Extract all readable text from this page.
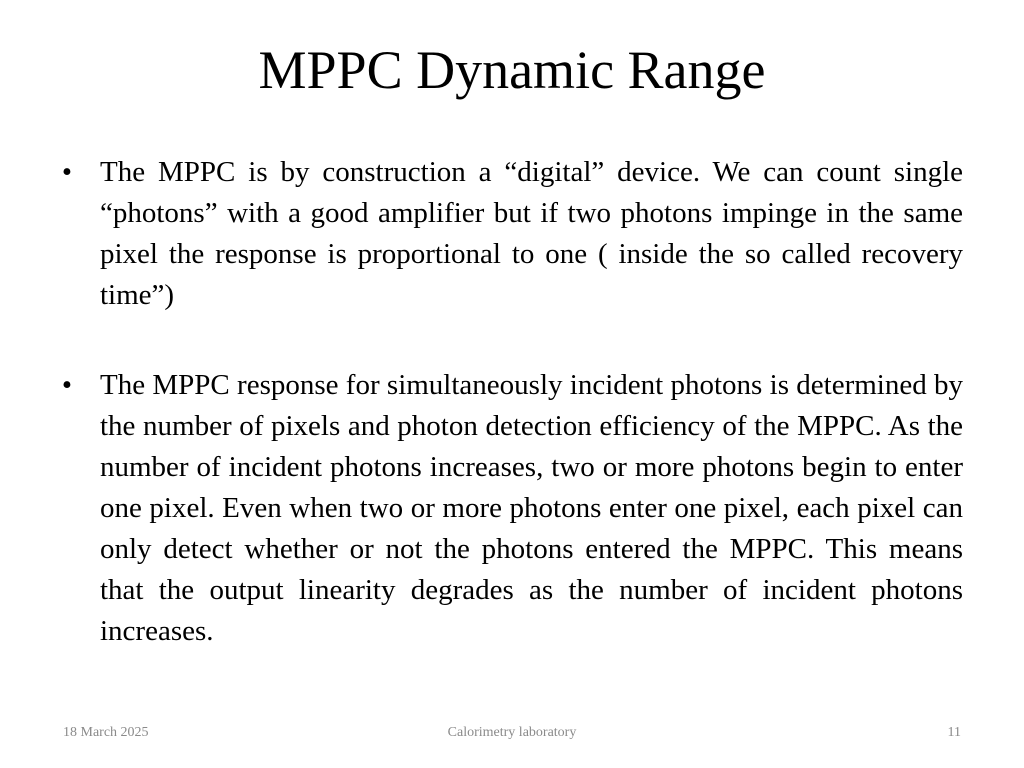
MPPC Dynamic Range
• The MPPC is by construction a “digital” device. We can count single “photons” with a good amplifier but if two photons impinge in the same pixel the response is proportional to one ( inside the so called recovery time”)
• The MPPC response for simultaneously incident photons is determined by the number of pixels and photon detection efficiency of the MPPC. As the number of incident photons increases, two or more photons begin to enter one pixel. Even when two or more photons enter one pixel, each pixel can only detect whether or not the photons entered the MPPC. This means that the output linearity degrades as the number of incident photons increases.

18 March 2025	Calorimetry laboratory	11
